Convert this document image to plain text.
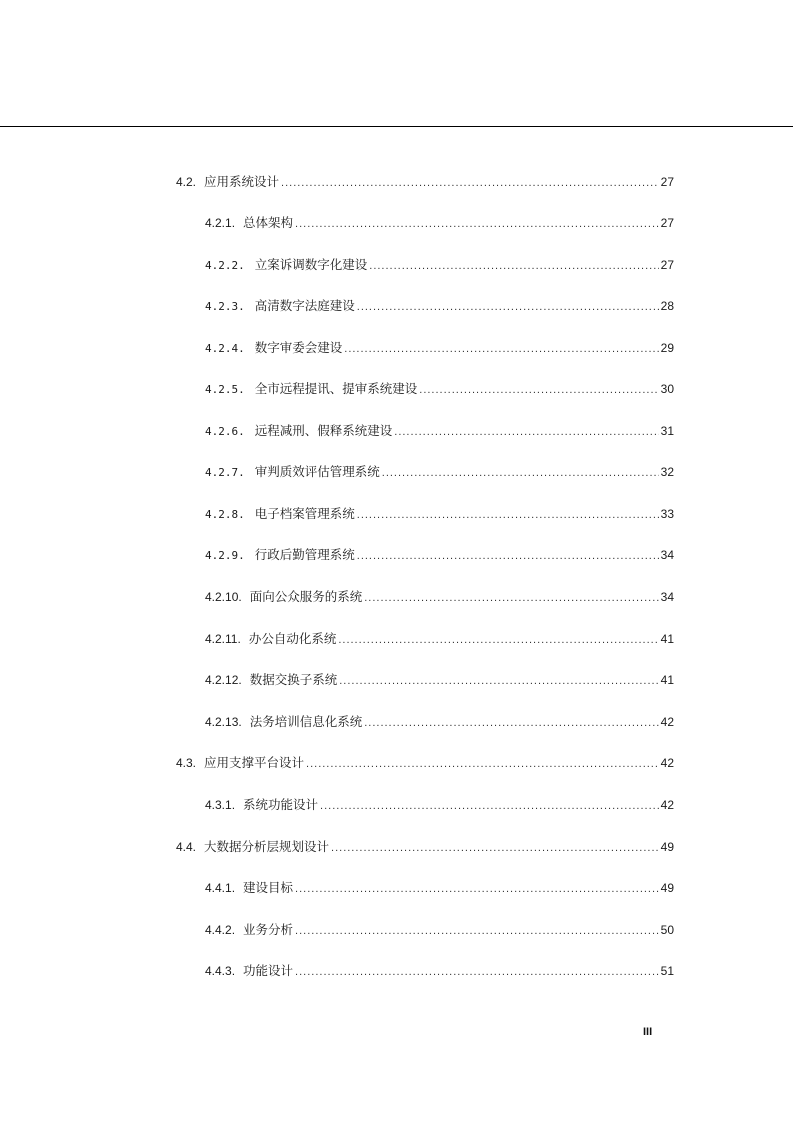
4.2. 应用系统设计 .....	27
4.2.1. 总体架构 .....	27
4.2.2. 立案诉调数字化建设 .....	27
4.2.3. 高清数字法庭建设 .....	28
4.2.4. 数字审委会建设 .....	29
4.2.5. 全市远程提讯、提审系统建设 .....	30
4.2.6. 远程减刑、假释系统建设 .....	31
4.2.7. 审判质效评估管理系统 .....	32
4.2.8. 电子档案管理系统 .....	33
4.2.9. 行政后勤管理系统 .....	34
4.2.10. 面向公众服务的系统 .....	34
4.2.11. 办公自动化系统 .....	41
4.2.12. 数据交换子系统 .....	41
4.2.13. 法务培训信息化系统 .....	42
4.3. 应用支撑平台设计 .....	42
4.3.1. 系统功能设计 .....	42
4.4. 大数据分析层规划设计 .....	49
4.4.1. 建设目标 .....	49
4.4.2. 业务分析 .....	50
4.4.3. 功能设计 .....	51
III
